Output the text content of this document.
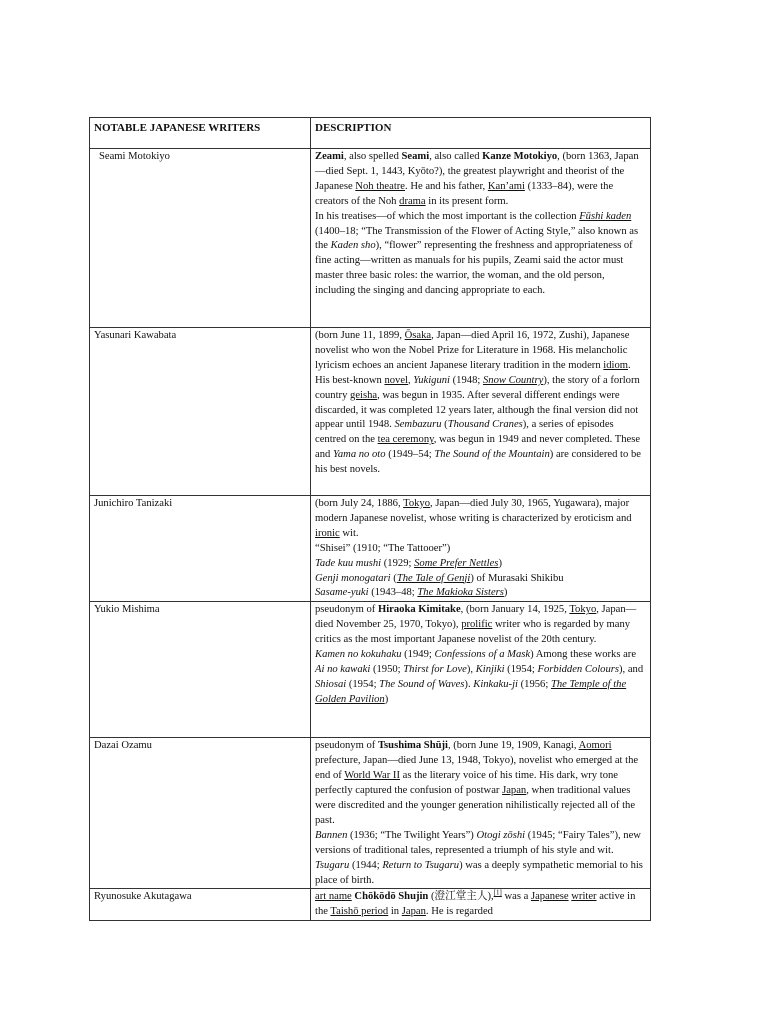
NOTABLE JAPANESE WRITERS	DESCRIPTION

Seami Motokiyo	Zeami, also spelled Seami, also called Kanze Motokiyo, (born 1363, Japan—died Sept. 1, 1443, Kyōto?), the greatest playwright and theorist of the Japanese Noh theatre. He and his father, Kan’ami (1333–84), were the creators of the Noh drama in its present form.
In his treatises—of which the most important is the collection Fūshi kaden (1400–18; “The Transmission of the Flower of Acting Style,” also known as the Kaden sho), “flower” representing the freshness and appropriateness of fine acting—written as manuals for his pupils, Zeami said the actor must master three basic roles: the warrior, the woman, and the old person, including the singing and dancing appropriate to each.

Yasunari Kawabata	(born June 11, 1899, Ōsaka, Japan—died April 16, 1972, Zushi), Japanese novelist who won the Nobel Prize for Literature in 1968. His melancholic lyricism echoes an ancient Japanese literary tradition in the modern idiom.
His best-known novel, Yukiguni (1948; Snow Country), the story of a forlorn country geisha, was begun in 1935. After several different endings were discarded, it was completed 12 years later, although the final version did not appear until 1948. Sembazuru (Thousand Cranes), a series of episodes centred on the tea ceremony, was begun in 1949 and never completed. These and Yama no oto (1949–54; The Sound of the Mountain) are considered to be his best novels.

Junichiro Tanizaki	(born July 24, 1886, Tokyo, Japan—died July 30, 1965, Yugawara), major modern Japanese novelist, whose writing is characterized by eroticism and ironic wit.
“Shisei” (1910; “The Tattooer”)
Tade kuu mushi (1929; Some Prefer Nettles)
Genji monogatari (The Tale of Genji) of Murasaki Shikibu
Sasame-yuki (1943–48; The Makioka Sisters)

Yukio Mishima	pseudonym of Hiraoka Kimitake, (born January 14, 1925, Tokyo, Japan—died November 25, 1970, Tokyo), prolific writer who is regarded by many critics as the most important Japanese novelist of the 20th century.
Kamen no kokuhaku (1949; Confessions of a Mask) Among these works are Ai no kawaki (1950; Thirst for Love), Kinjiki (1954; Forbidden Colours), and Shiosai (1954; The Sound of Waves). Kinkaku-ji (1956; The Temple of the Golden Pavilion)

Dazai Ozamu	pseudonym of Tsushima Shūji, (born June 19, 1909, Kanagi, Aomori prefecture, Japan—died June 13, 1948, Tokyo), novelist who emerged at the end of World War II as the literary voice of his time. His dark, wry tone perfectly captured the confusion of postwar Japan, when traditional values were discredited and the younger generation nihilistically rejected all of the past.
Bannen (1936; “The Twilight Years”) Otogi zōshi (1945; “Fairy Tales”), new versions of traditional tales, represented a triumph of his style and wit. Tsugaru (1944; Return to Tsugaru) was a deeply sympathetic memorial to his place of birth.

Ryunosuke Akutagawa	art name Chōkōdō Shujin (澄江堂主人),[1] was a Japanese writer active in the Taishō period in Japan. He is regarded
